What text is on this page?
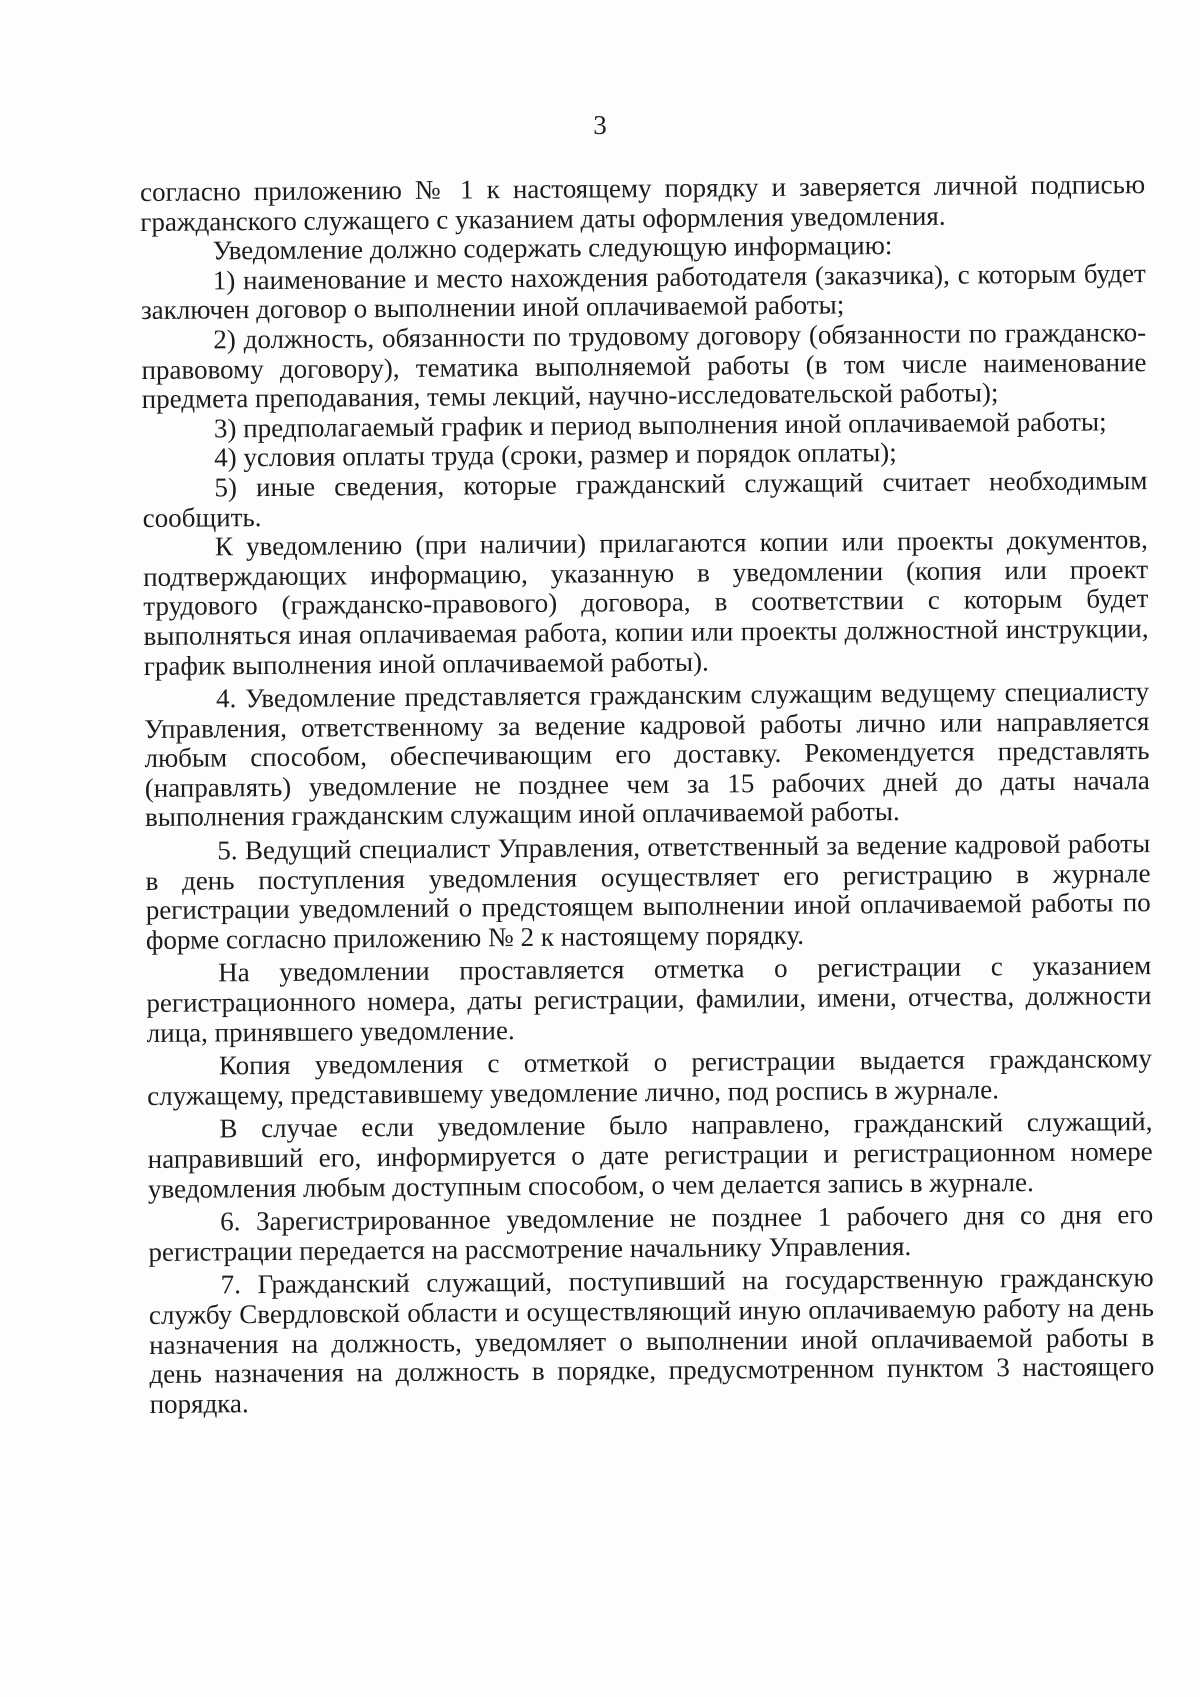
3

согласно приложению № 1 к настоящему порядку и заверяется личной подписью гражданского служащего с указанием даты оформления уведомления.

Уведомление должно содержать следующую информацию:

1) наименование и место нахождения работодателя (заказчика), с которым будет заключен договор о выполнении иной оплачиваемой работы;

2) должность, обязанности по трудовому договору (обязанности по гражданско-правовому договору), тематика выполняемой работы (в том числе наименование предмета преподавания, темы лекций, научно-исследовательской работы);

3) предполагаемый график и период выполнения иной оплачиваемой работы;

4) условия оплаты труда (сроки, размер и порядок оплаты);

5) иные сведения, которые гражданский служащий считает необходимым сообщить.

К уведомлению (при наличии) прилагаются копии или проекты документов, подтверждающих информацию, указанную в уведомлении (копия или проект трудового (гражданско-правового) договора, в соответствии с которым будет выполняться иная оплачиваемая работа, копии или проекты должностной инструкции, график выполнения иной оплачиваемой работы).

4. Уведомление представляется гражданским служащим ведущему специалисту Управления, ответственному за ведение кадровой работы лично или направляется любым способом, обеспечивающим его доставку. Рекомендуется представлять (направлять) уведомление не позднее чем за 15 рабочих дней до даты начала выполнения гражданским служащим иной оплачиваемой работы.

5. Ведущий специалист Управления, ответственный за ведение кадровой работы в день поступления уведомления осуществляет его регистрацию в журнале регистрации уведомлений о предстоящем выполнении иной оплачиваемой работы по форме согласно приложению № 2 к настоящему порядку.

На уведомлении проставляется отметка о регистрации с указанием регистрационного номера, даты регистрации, фамилии, имени, отчества, должности лица, принявшего уведомление.

Копия уведомления с отметкой о регистрации выдается гражданскому служащему, представившему уведомление лично, под роспись в журнале.

В случае если уведомление было направлено, гражданский служащий, направивший его, информируется о дате регистрации и регистрационном номере уведомления любым доступным способом, о чем делается запись в журнале.

6. Зарегистрированное уведомление не позднее 1 рабочего дня со дня его регистрации передается на рассмотрение начальнику Управления.

7. Гражданский служащий, поступивший на государственную гражданскую службу Свердловской области и осуществляющий иную оплачиваемую работу на день назначения на должность, уведомляет о выполнении иной оплачиваемой работы в день назначения на должность в порядке, предусмотренном пунктом 3 настоящего порядка.
